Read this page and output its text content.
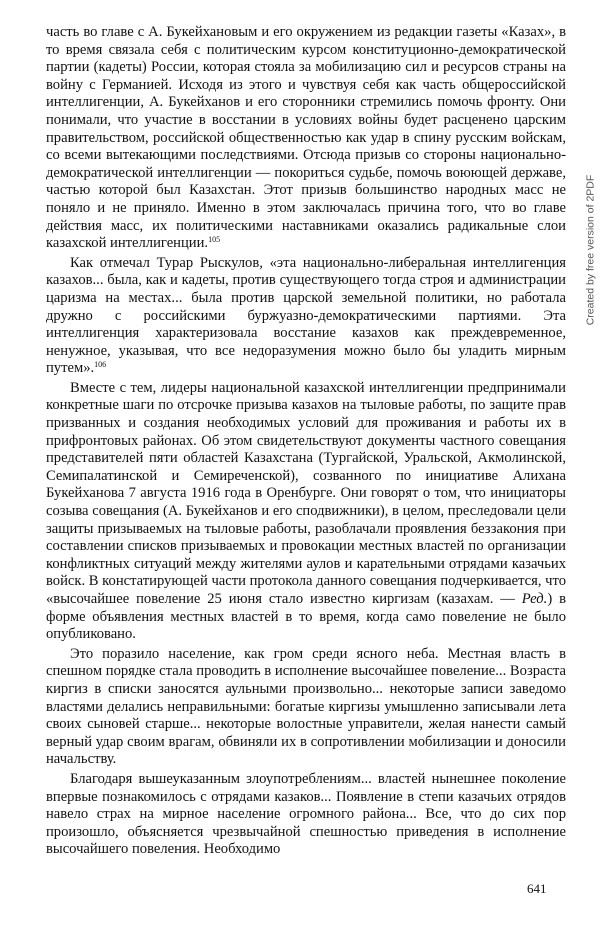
часть во главе с А. Букейхановым и его окружением из редакции газеты «Казах», в то время связала себя с политическим курсом конституционно-демократической партии (кадеты) России, которая стояла за мобилизацию сил и ресурсов страны на войну с Германией. Исходя из этого и чувствуя себя как часть общероссийской интеллигенции, А. Букейханов и его сторонники стремились помочь фронту. Они понимали, что участие в восстании в условиях войны будет расценено царским правительством, российской общественностью как удар в спину русским войскам, со всеми вытекающими последствиями. Отсюда призыв со стороны национально-демократической интеллигенции — покориться судьбе, помочь воюющей державе, частью которой был Казахстан. Этот призыв большинство народных масс не поняло и не приняло. Именно в этом заключалась причина того, что во главе действия масс, их политическими наставниками оказались радикальные слои казахской интеллигенции.$^{105}$

Как отмечал Турар Рыскулов, «эта национально-либеральная интеллигенция казахов... была, как и кадеты, против существующего тогда строя и администрации царизма на местах... была против царской земельной политики, но работала дружно с российскими буржуазно-демократическими партиями. Эта интеллигенция характеризовала восстание казахов как преждевременное, ненужное, указывая, что все недоразумения можно было бы уладить мирным путем».$^{106}$

Вместе с тем, лидеры национальной казахской интеллигенции предпринимали конкретные шаги по отсрочке призыва казахов на тыловые работы, по защите прав призванных и создания необходимых условий для проживания и работы их в прифронтовых районах. Об этом свидетельствуют документы частного совещания представителей пяти областей Казахстана (Тургайской, Уральской, Акмолинской, Семипалатинской и Семиреченской), созванного по инициативе Алихана Букейханова 7 августа 1916 года в Оренбурге. Они говорят о том, что инициаторы созыва совещания (А. Букейханов и его сподвижники), в целом, преследовали цели защиты призываемых на тыловые работы, разоблачали проявления беззакония при составлении списков призываемых и провокации местных властей по организации конфликтных ситуаций между жителями аулов и карательными отрядами казачьих войск. В констатирующей части протокола данного совещания подчеркивается, что «высочайшее повеление 25 июня стало известно киргизам (казахам. — Ред.) в форме объявления местных властей в то время, когда само повеление не было опубликовано.

Это поразило население, как гром среди ясного неба. Местная власть в спешном порядке стала проводить в исполнение высочайшее повеление... Возраста киргиз в списки заносятся аульными произвольно... некоторые записи заведомо властями делались неправильными: богатые киргизы умышленно записывали лета своих сыновей старше... некоторые волостные управители, желая нанести самый верный удар своим врагам, обвиняли их в сопротивлении мобилизации и доносили начальству.

Благодаря вышеуказанным злоупотреблениям... властей нынешнее поколение впервые познакомилось с отрядами казаков... Появление в степи казачьих отрядов навело страх на мирное население огромного района... Все, что до сих пор произошло, объясняется чрезвычайной спешностью приведения в исполнение высочайшего повеления. Необходимо

Created by free version of 2PDF

641
